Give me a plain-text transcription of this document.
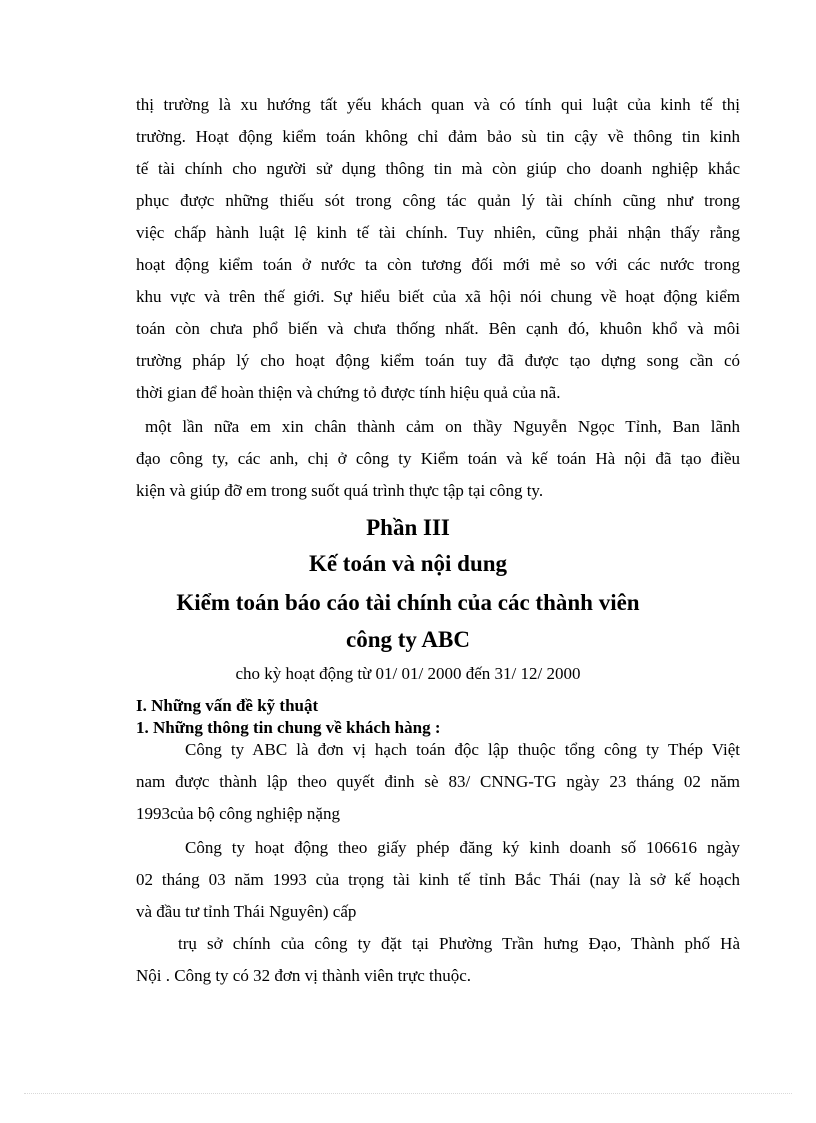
thị trường là xu hướng tất yếu khách quan và có tính qui luật của kinh tế thị
trường. Hoạt động kiểm toán không chỉ đảm bảo sù tin cậy về thông tin kinh
tế tài chính cho người sử dụng thông tin mà còn giúp cho doanh nghiệp khắc
phục được những thiếu sót trong công tác quản lý tài chính cũng như trong
việc chấp hành luật lệ kinh tế tài chính. Tuy nhiên, cũng phải nhận thấy rằng
hoạt động kiểm toán ở nước ta còn tương đối mới mẻ so với các nước trong
khu vực và trên thế giới. Sự hiểu biết của xã hội nói chung về hoạt động kiểm
toán còn chưa phổ biến và chưa thống nhất. Bên cạnh đó, khuôn khổ và môi
trường pháp lý cho hoạt động kiểm toán tuy đã được tạo dựng song cần có
thời gian để hoàn thiện và chứng tỏ được tính hiệu quả của nã.
một lần nữa em xin chân thành cảm on thầy Nguyễn Ngọc Tỉnh, Ban lãnh
đạo công ty, các anh, chị ở công ty Kiểm toán và kế toán Hà nội đã tạo điều
kiện và giúp đỡ em trong suốt quá trình thực tập tại công ty.
Phần III
Kế toán và nội dung
Kiểm toán báo cáo tài chính của các thành viên
công ty ABC
cho kỳ hoạt động từ 01/ 01/ 2000 đến 31/ 12/ 2000
I. Những vấn đề kỹ thuật
1. Những thông tin chung về khách hàng :
Công ty ABC là đơn vị hạch toán độc lập thuộc tổng công ty Thép Việt
nam được thành lập theo quyết đinh sè 83/ CNNG-TG ngày 23 tháng 02 năm
1993của bộ công nghiệp nặng
Công ty hoạt động theo giấy phép đăng ký kinh doanh số 106616 ngày
02 tháng 03 năm 1993 của trọng tài kinh tế tỉnh Bắc Thái (nay là sở kế hoạch
và đầu tư tỉnh Thái Nguyên) cấp
trụ sở chính của công ty đặt tại Phường Trần hưng Đạo, Thành phố Hà
Nội . Công ty có 32 đơn vị thành viên trực thuộc.
